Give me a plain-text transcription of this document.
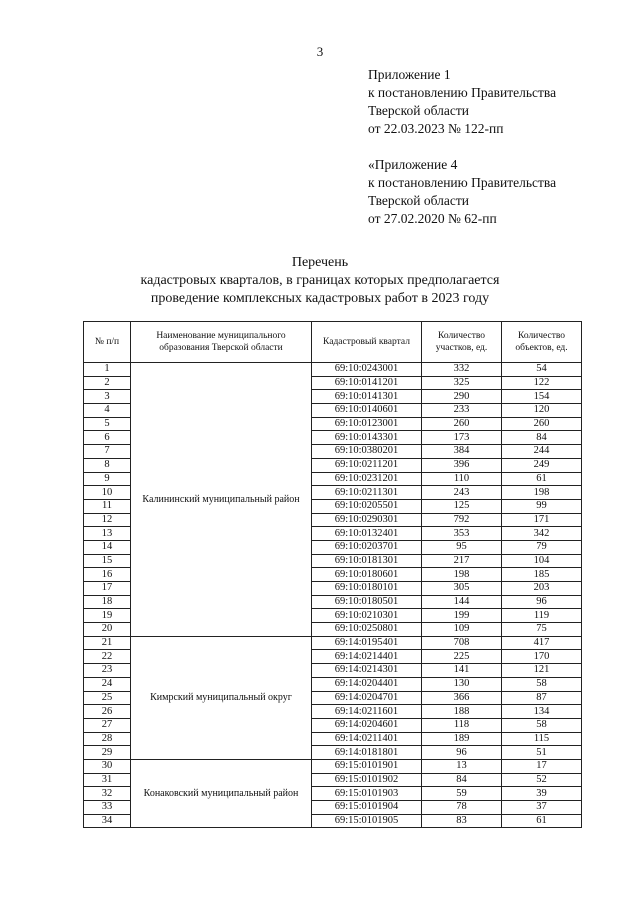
3
Приложение 1
к постановлению Правительства
Тверской области
от 22.03.2023 № 122-пп
«Приложение 4
к постановлению Правительства
Тверской области
от 27.02.2020 № 62-пп
Перечень
кадастровых кварталов, в границах которых предполагается
проведение комплексных кадастровых работ в 2023 году
№ п/п	Наименование муниципального образования Тверской области	Кадастровый квартал	Количество участков, ед.	Количество объектов, ед.
1	Калининский муниципальный район	69:10:0243001	332	54
2		69:10:0141201	325	122
3		69:10:0141301	290	154
4		69:10:0140601	233	120
5		69:10:0123001	260	260
6		69:10:0143301	173	84
7		69:10:0380201	384	244
8		69:10:0211201	396	249
9		69:10:0231201	110	61
10		69:10:0211301	243	198
11		69:10:0205501	125	99
12		69:10:0290301	792	171
13		69:10:0132401	353	342
14		69:10:0203701	95	79
15		69:10:0181301	217	104
16		69:10:0180601	198	185
17		69:10:0180101	305	203
18		69:10:0180501	144	96
19		69:10:0210301	199	119
20		69:10:0250801	109	75
21	Кимрский муниципальный округ	69:14:0195401	708	417
22		69:14:0214401	225	170
23		69:14:0214301	141	121
24		69:14:0204401	130	58
25		69:14:0204701	366	87
26		69:14:0211601	188	134
27		69:14:0204601	118	58
28		69:14:0211401	189	115
29		69:14:0181801	96	51
30	Конаковский муниципальный район	69:15:0101901	13	17
31		69:15:0101902	84	52
32		69:15:0101903	59	39
33		69:15:0101904	78	37
34		69:15:0101905	83	61
